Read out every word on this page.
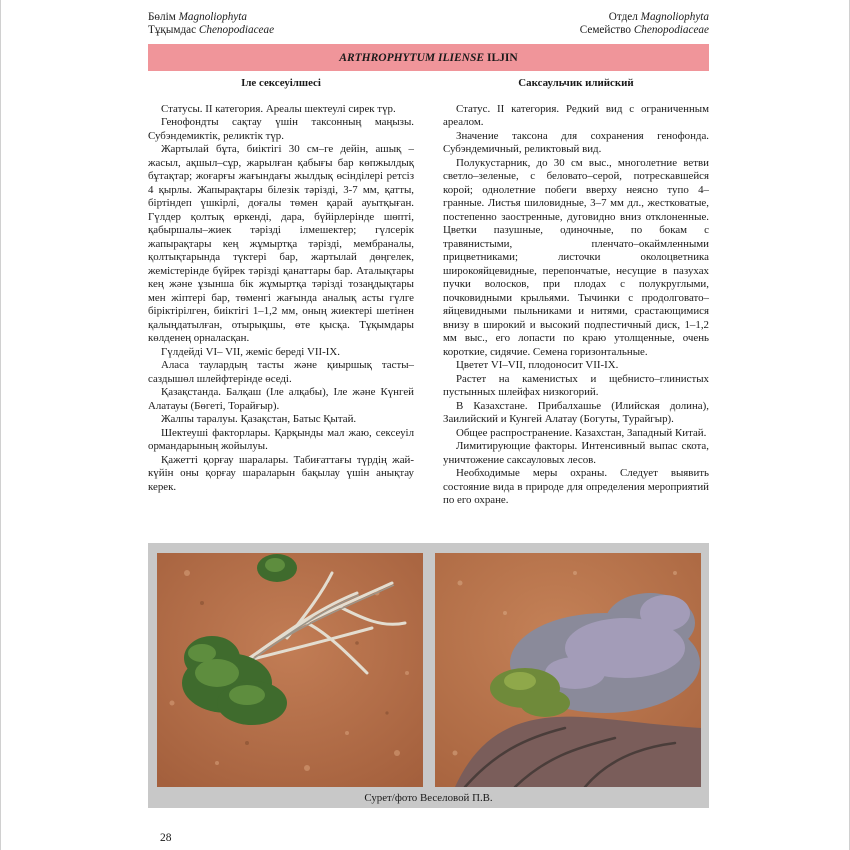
Бөлім Magnoliophyta
Тұқымдас Chenopodiaceae
Отдел Magnoliophyta
Семейство Chenopodiaceae
ARTHROPHYTUM ILIENSE ILJIN
Іле сексеуілшесі

Статусы. II категория. Ареалы шектеулі сирек түр.

Генофондты сақтау үшін таксонның маңызы. Субэндемиктік, реликтік түр.

Жартылай бұта, биіктігі 30 см–ге дейін, ашық – жасыл, ақшыл–сұр, жарылған қабығы бар көпжылдық бұтақтар; жоғарғы жағындағы жылдық өсінділері ретсіз 4 қырлы. Жапырақтары білезік тәрізді, 3-7 мм, қатты, біртіндеп үшкірлі, доғалы төмен қарай ауытқыған. Гүлдер қолтық өркенді, дара, бүйірлерінде шөпті, қабыршалы–жиек тәрізді ілмешектер; гүлсерік жапырақтары кең жұмыртқа тәрізді, мембраналы, қолтықтарында түктері бар, жартылай дөңгелек, жемістерінде бүйрек тәрізді қанаттары бар. Аталықтары кең және ұзынша бік жұмыртқа тәрізді тозаңдықтары мен жіптері бар, төменгі жағында аналық асты гүлге біріктірілген, биіктігі 1–1,2 мм, оның жиектері шетінен қалыңдатылған, отырықшы, өте қысқа. Тұқымдары көлденең орналасқан.

Гүлдейді VI– VII, жеміс береді VII-IX.

Аласа таулардың тасты және қиыршық тасты–саздышөл шлейфтерінде өседі.

Қазақстанда. Балқаш (Іле алқабы), Іле және Күнгей Алатауы (Бөгеті, Торайғыр).

Жалпы таралуы. Қазақстан, Батыс Қытай.

Шектеуші факторлары. Қарқынды мал жаю, сексеуіл ормандарының жойылуы.

Қажетті қорғау шаралары. Табиғаттағы түрдің жай-күйін оны қорғау шараларын бақылау үшін анықтау керек.

Саксаульчик илийский

Статус. II категория. Редкий вид с ограниченным ареалом.

Значение таксона для сохранения генофонда. Субэндемичный, реликтовый вид.

Полукустарник, до 30 см выс., многолетние ветви светло–зеленые, с беловато–серой, потрескавшейся корой; однолетние побеги вверху неясно тупо 4–гранные. Листья шиловидные, 3–7 мм дл., жестковатые, постепенно заостренные, дуговидно вниз отклоненные. Цветки пазушные, одиночные, по бокам с травянистыми, пленчато–окаймленными прицветниками; листочки околоцветника широкояйцевидные, перепончатые, несущие в пазухах пучки волосков, при плодах с полукруглыми, почковидными крыльями. Тычинки с продолговато–яйцевидными пыльниками и нитями, срастающимися внизу в широкий и высокий подпестичный диск, 1–1,2 мм выс., его лопасти по краю утолщенные, очень короткие, сидячие. Семена горизонтальные.

Цветет VI–VII, плодоносит VII-IX.

Растет на каменистых и щебнисто–глинистых пустынных шлейфах низкогорий.

В Казахстане. Прибалхашье (Илийская долина), Заилийский и Кунгей Алатау (Богуты, Турайгыр).

Общее распространение. Казахстан, Западный Китай.

Лимитирующие факторы. Интенсивный выпас скота, уничтожение саксауловых лесов.

Необходимые меры охраны. Следует выявить состояние вида в природе для определения мероприятий по его охране.

Сурет/фото Веселовой П.В.
28
